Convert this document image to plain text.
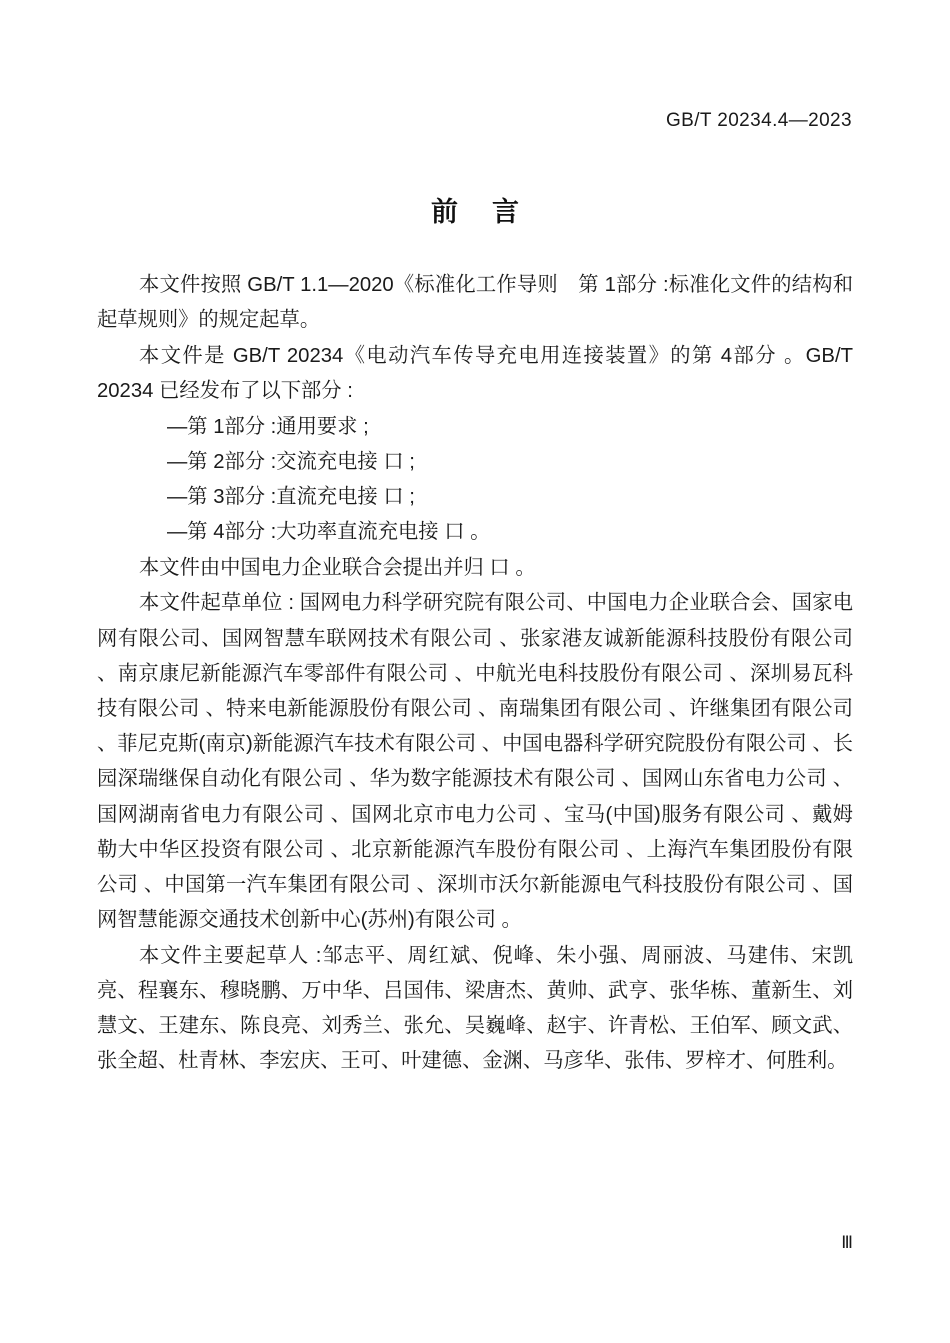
GB/T 20234.4—2023
前言

本文件按照 GB/T 1.1—2020《标准化工作导则　第 1部分 :标准化文件的结构和起草规则》的规定起草。

本文件是 GB/T 20234《电动汽车传导充电用连接装置》的第 4部分 。GB/T 20234 已经发布了以下部分 :

—第 1部分 :通用要求 ;
—第 2部分 :交流充电接 口 ;
—第 3部分 :直流充电接 口 ;
—第 4部分 :大功率直流充电接 口 。

本文件由中国电力企业联合会提出并归 口 。

本文件起草单位 : 国网电力科学研究院有限公司、中国电力企业联合会、国家电网有限公司、国网智慧车联网技术有限公司 、张家港友诚新能源科技股份有限公司 、南京康尼新能源汽车零部件有限公司 、中航光电科技股份有限公司 、深圳易瓦科技有限公司 、特来电新能源股份有限公司 、南瑞集团有限公司 、许继集团有限公司 、菲尼克斯(南京)新能源汽车技术有限公司 、中国电器科学研究院股份有限公司 、长园深瑞继保自动化有限公司 、华为数字能源技术有限公司 、国网山东省电力公司 、国网湖南省电力有限公司 、国网北京市电力公司 、宝马(中国)服务有限公司 、戴姆勒大中华区投资有限公司 、北京新能源汽车股份有限公司 、上海汽车集团股份有限公司 、中国第一汽车集团有限公司 、深圳市沃尔新能源电气科技股份有限公司 、国网智慧能源交通技术创新中心(苏州)有限公司 。

本文件主要起草人 :邹志平、周红斌、倪峰、朱小强、周丽波、马建伟、宋凯亮、程襄东、穆晓鹏、万中华、吕国伟、梁唐杰、黄帅、武亨、张华栋、董新生、刘慧文、王建东、陈良亮、刘秀兰、张允、吴巍峰、赵宇、许青松、王伯军、顾文武、张全超、杜青林、李宏庆、王可、叶建德、金渊、马彦华、张伟、罗梓才、何胜利。

Ⅲ
